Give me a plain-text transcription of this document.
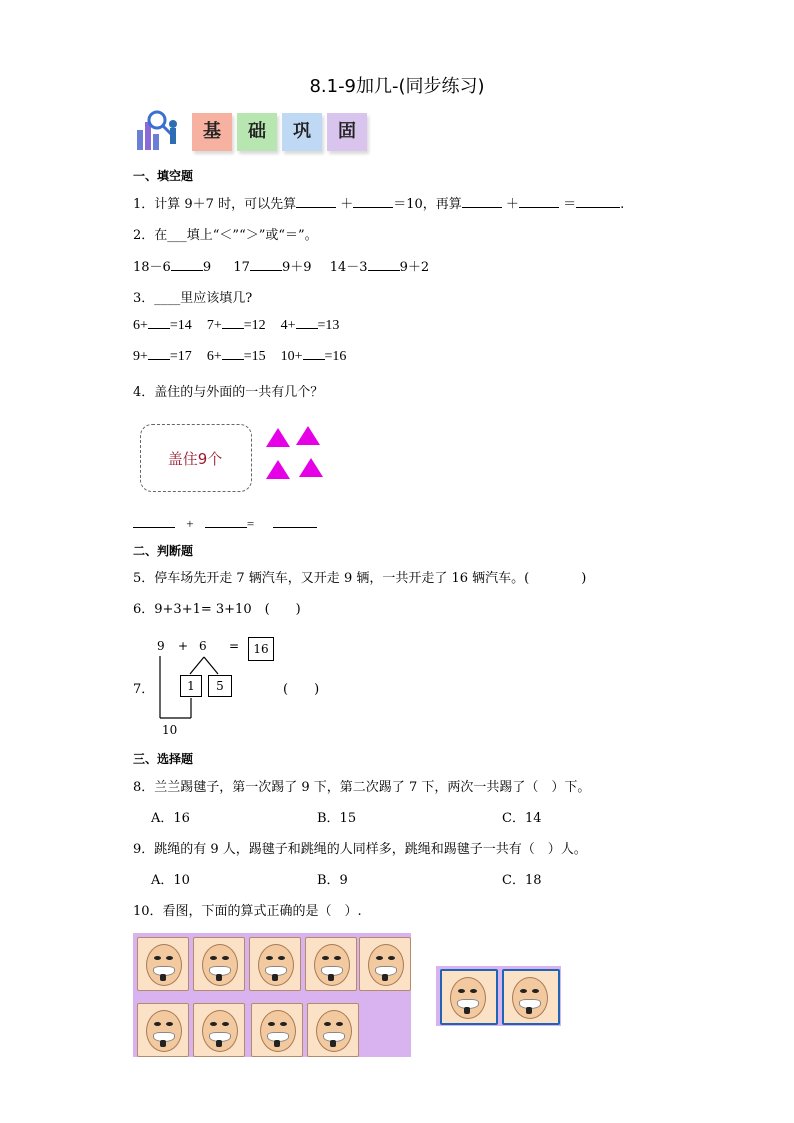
8.1-9加几-(同步练习)
基	础	巩	固
一、填空题
1．计算 9＋7 时，可以先算	＋	＝10，再算	＋	＝	.
2．在___填上“＜”“＞”或“＝”。
18－6 9 17 9＋9 14－3 9＋2
3．____里应该填几?
6+ =14 7+ =12 4+ =13
9+ =17 6+ =15 10+ =16
4．盖住的与外面的一共有几个？
盖住9个
+	=
二、判断题
5．停车场先开走 7 辆汽车，又开走 9 辆，一共开走了 16 辆汽车。(　　　　)
6．9+3+1= 3+10　(　　)
9 + 6 =	16
7．	1	5
10
(　　)
三、选择题
8．兰兰踢毽子，第一次踢了 9 下，第二次踢了 7 下，两次一共踢了（　）下。
A．16	B．15	C．14
9．跳绳的有 9 人，踢毽子和跳绳的人同样多，跳绳和踢毽子一共有（　）人。
A．10	B．9	C．18
10．看图，下面的算式正确的是（　）.
